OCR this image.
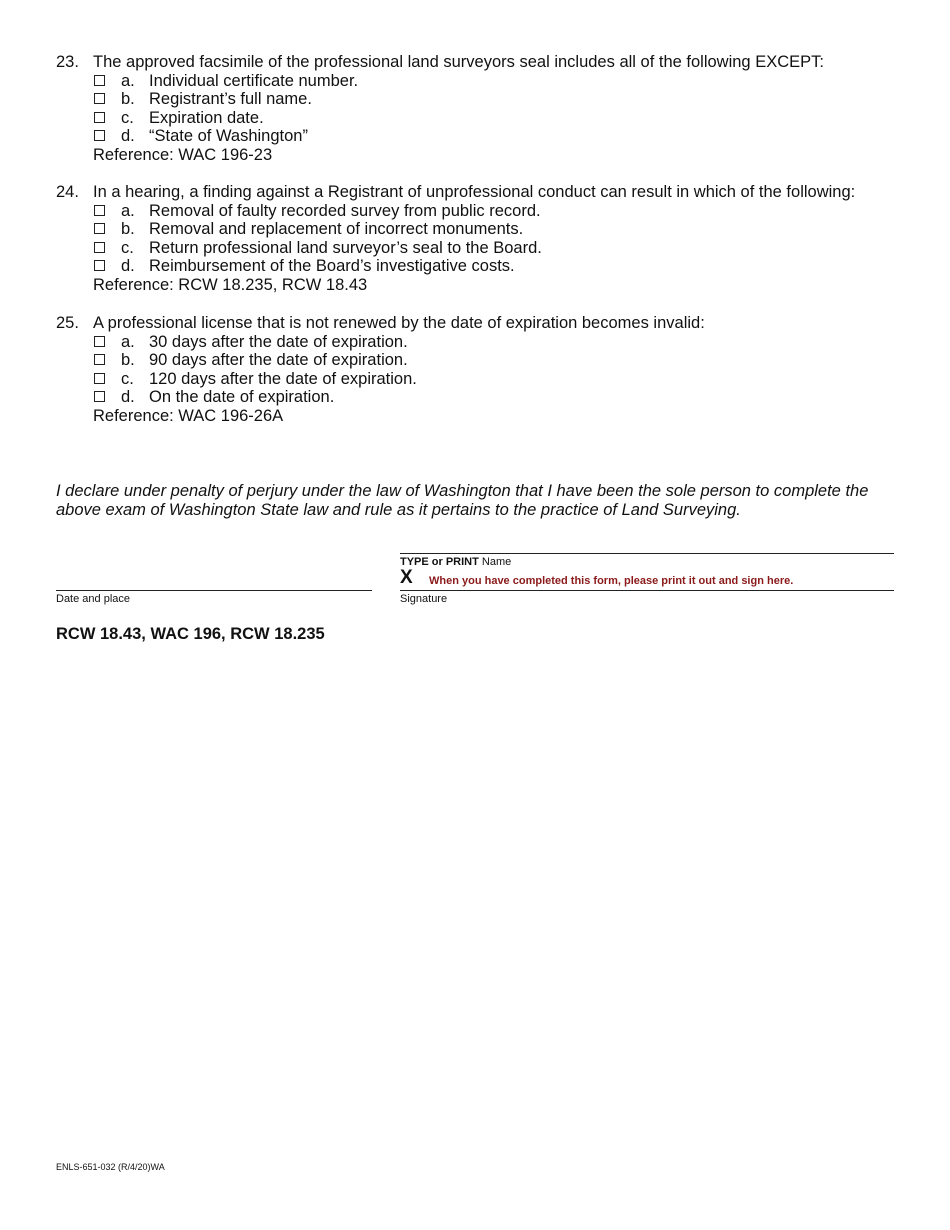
23. The approved facsimile of the professional land surveyors seal includes all of the following EXCEPT:
a. Individual certificate number.
b. Registrant’s full name.
c. Expiration date.
d. “State of Washington”
Reference: WAC 196-23
24. In a hearing, a finding against a Registrant of unprofessional conduct can result in which of the following:
a. Removal of faulty recorded survey from public record.
b. Removal and replacement of incorrect monuments.
c. Return professional land surveyor’s seal to the Board.
d. Reimbursement of the Board’s investigative costs.
Reference: RCW 18.235, RCW 18.43
25. A professional license that is not renewed by the date of expiration becomes invalid:
a. 30 days after the date of expiration.
b. 90 days after the date of expiration.
c. 120 days after the date of expiration.
d. On the date of expiration.
Reference: WAC 196-26A
I declare under penalty of perjury under the law of Washington that I have been the sole person to complete the above exam of Washington State law and rule as it pertains to the practice of Land Surveying.
TYPE or PRINT Name
X When you have completed this form, please print it out and sign here.
Date and place	Signature
RCW 18.43, WAC 196, RCW 18.235
ENLS-651-032 (R/4/20)WA
